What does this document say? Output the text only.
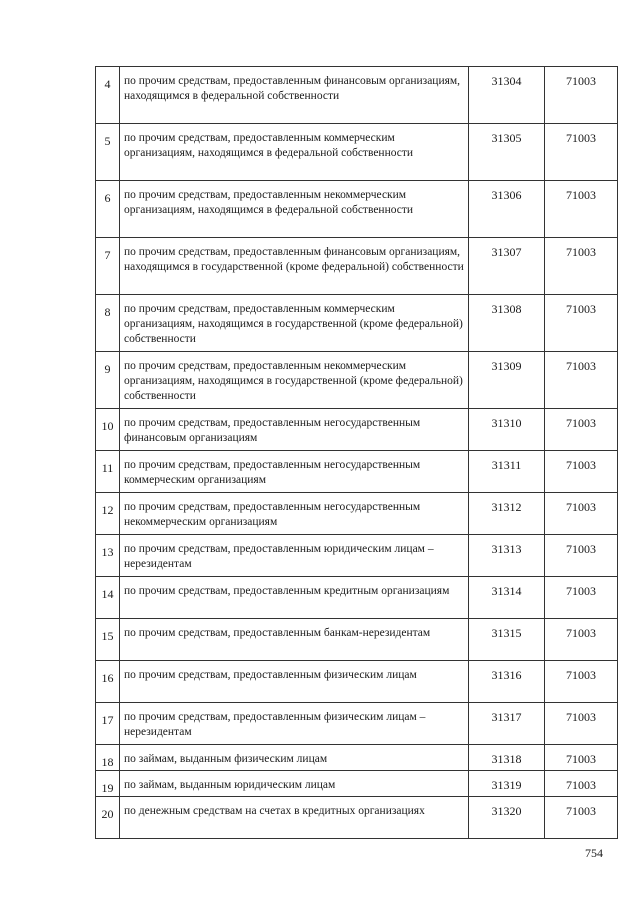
4	по прочим средствам, предоставленным финансовым организациям, находящимся в федеральной собственности	31304	71003
5	по прочим средствам, предоставленным коммерческим организациям, находящимся в федеральной собственности	31305	71003
6	по прочим средствам, предоставленным некоммерческим организациям, находящимся в федеральной собственности	31306	71003
7	по прочим средствам, предоставленным финансовым организациям, находящимся в государственной (кроме федеральной) собственности	31307	71003
8	по прочим средствам, предоставленным коммерческим организациям, находящимся в государственной (кроме федеральной) собственности	31308	71003
9	по прочим средствам, предоставленным некоммерческим организациям, находящимся в государственной (кроме федеральной) собственности	31309	71003
10	по прочим средствам, предоставленным негосударственным финансовым организациям	31310	71003
11	по прочим средствам, предоставленным негосударственным коммерческим организациям	31311	71003
12	по прочим средствам, предоставленным негосударственным некоммерческим организациям	31312	71003
13	по прочим средствам, предоставленным юридическим лицам – нерезидентам	31313	71003
14	по прочим средствам, предоставленным кредитным организациям	31314	71003
15	по прочим средствам, предоставленным банкам-нерезидентам	31315	71003
16	по прочим средствам, предоставленным физическим лицам	31316	71003
17	по прочим средствам, предоставленным физическим лицам – нерезидентам	31317	71003
18	по займам, выданным физическим лицам	31318	71003
19	по займам, выданным юридическим лицам	31319	71003
20	по денежным средствам на счетах в кредитных организациях	31320	71003
754
